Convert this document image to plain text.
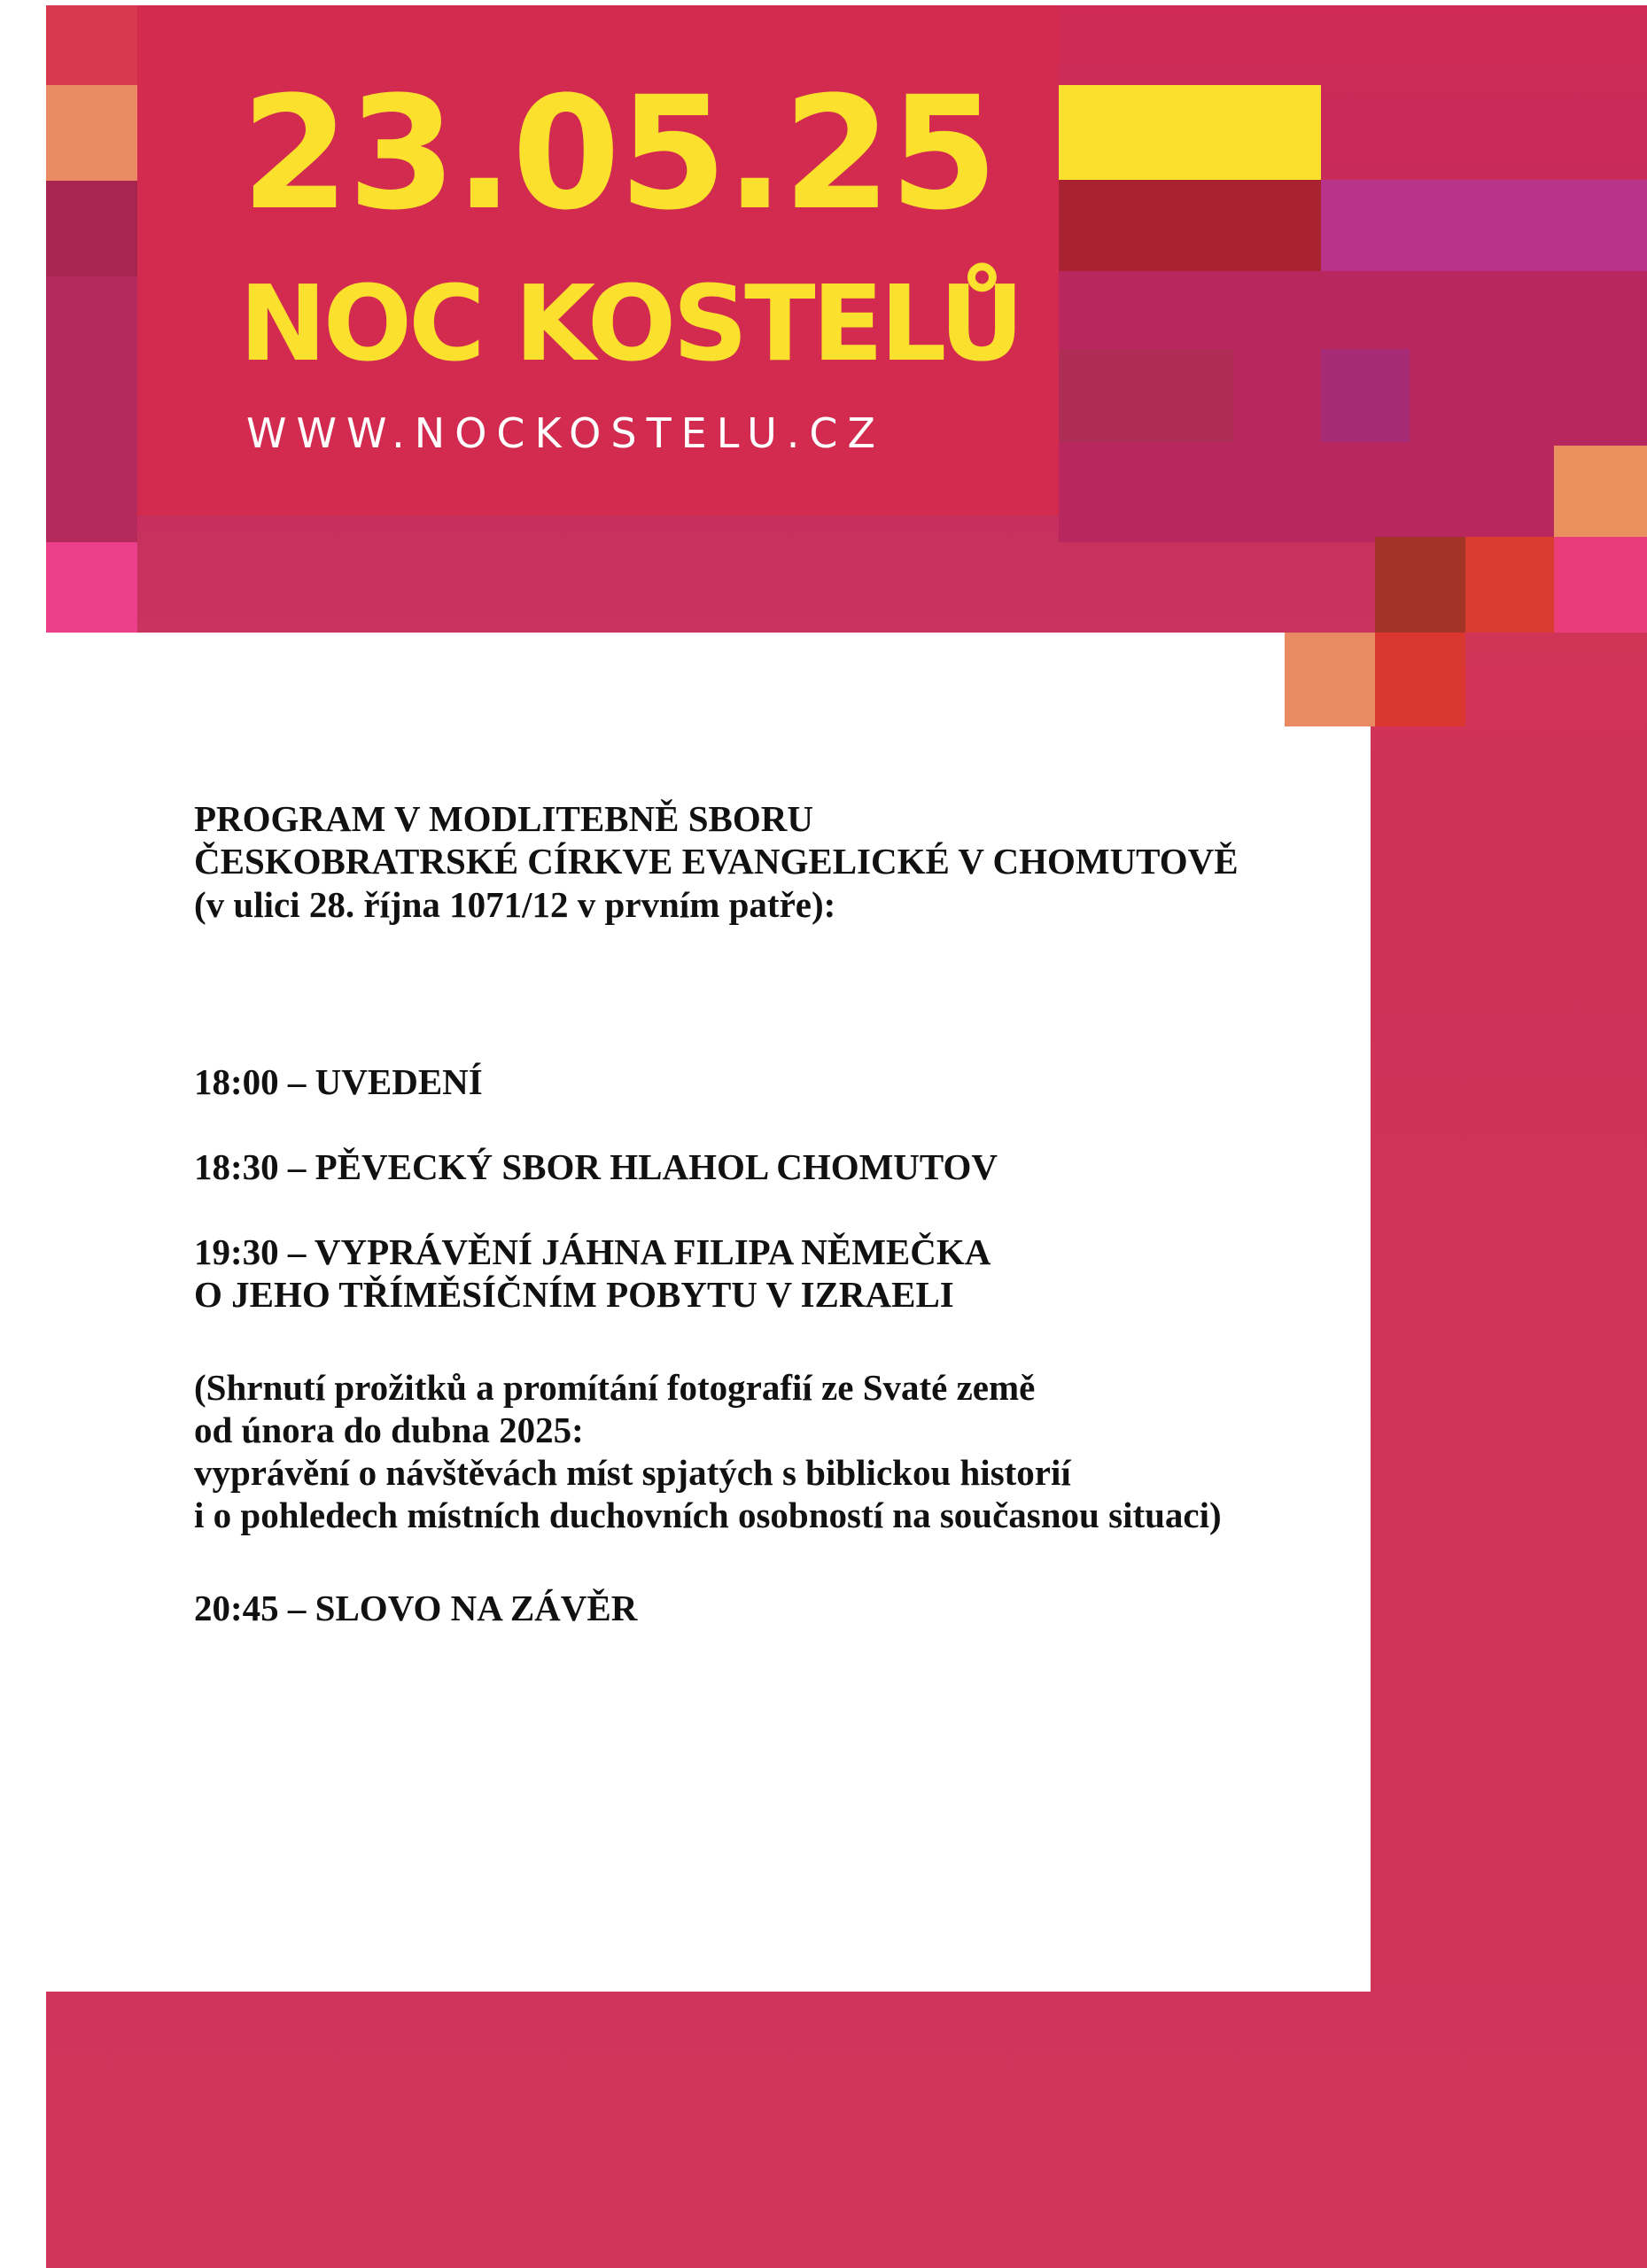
23.05.25
NOC KOSTELŮ
WWW.NOCKOSTELU.CZ
PROGRAM V MODLITEBNĚ SBORU
ČESKOBRATRSKÉ CÍRKVE EVANGELICKÉ V CHOMUTOVĚ
(v ulici 28. října 1071/12 v prvním patře):
18:00 – UVEDENÍ
18:30 – PĚVECKÝ SBOR HLAHOL CHOMUTOV
19:30 – VYPRÁVĚNÍ JÁHNA FILIPA NĚMEČKA
O JEHO TŘÍMĚSÍČNÍM POBYTU V IZRAELI
(Shrnutí prožitků a promítání fotografií ze Svaté země
od února do dubna 2025:
vyprávění o návštěvách míst spjatých s biblickou historií
i o pohledech místních duchovních osobností na současnou situaci)
20:45 – SLOVO NA ZÁVĚR
